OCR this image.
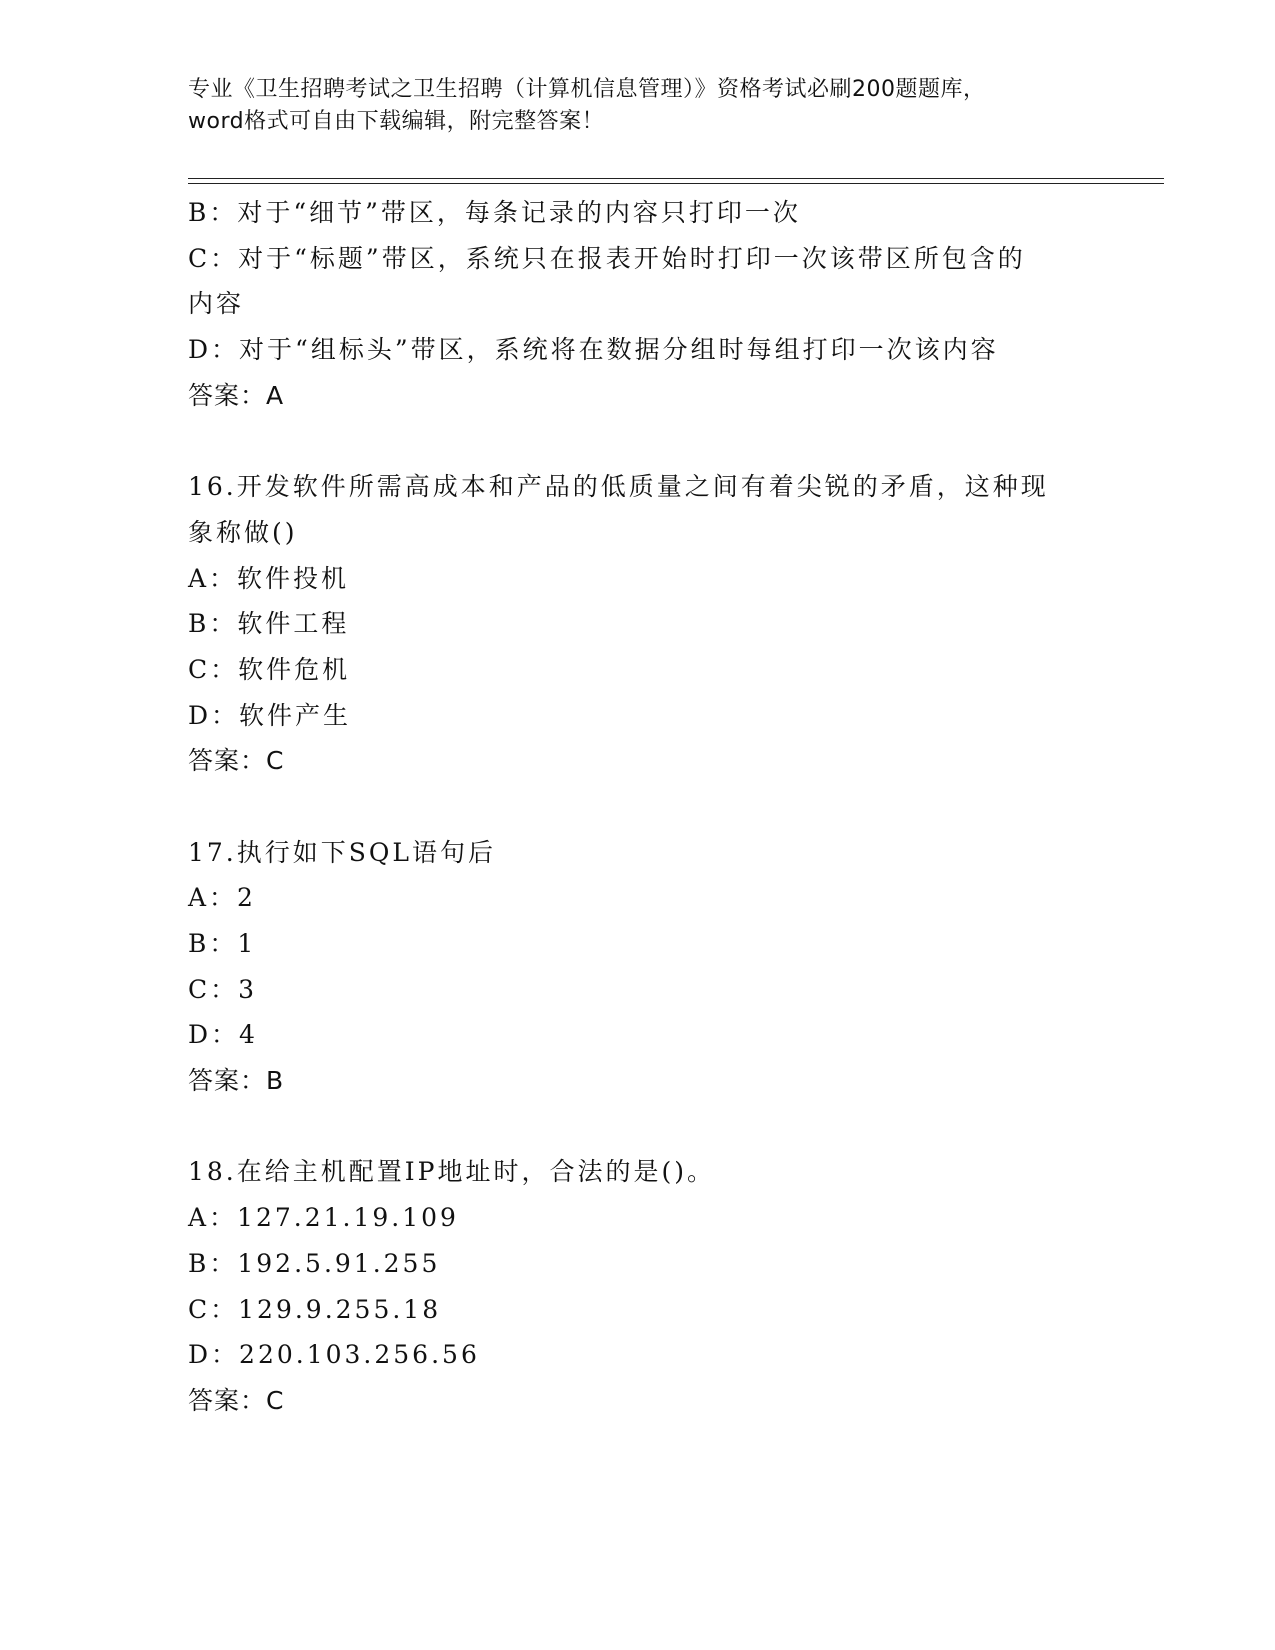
专业《卫生招聘考试之卫生招聘（计算机信息管理）》资格考试必刷200题题库，
word格式可自由下载编辑，附完整答案！
B：对于“细节”带区，每条记录的内容只打印一次
C：对于“标题”带区，系统只在报表开始时打印一次该带区所包含的
内容
D：对于“组标头”带区，系统将在数据分组时每组打印一次该内容
答案：A
16.开发软件所需高成本和产品的低质量之间有着尖锐的矛盾，这种现
象称做()
A：软件投机
B：软件工程
C：软件危机
D：软件产生
答案：C
17.执行如下SQL语句后
A：2
B：1
C：3
D：4
答案：B
18.在给主机配置IP地址时，合法的是()。
A：127.21.19.109
B：192.5.91.255
C：129.9.255.18
D：220.103.256.56
答案：C
